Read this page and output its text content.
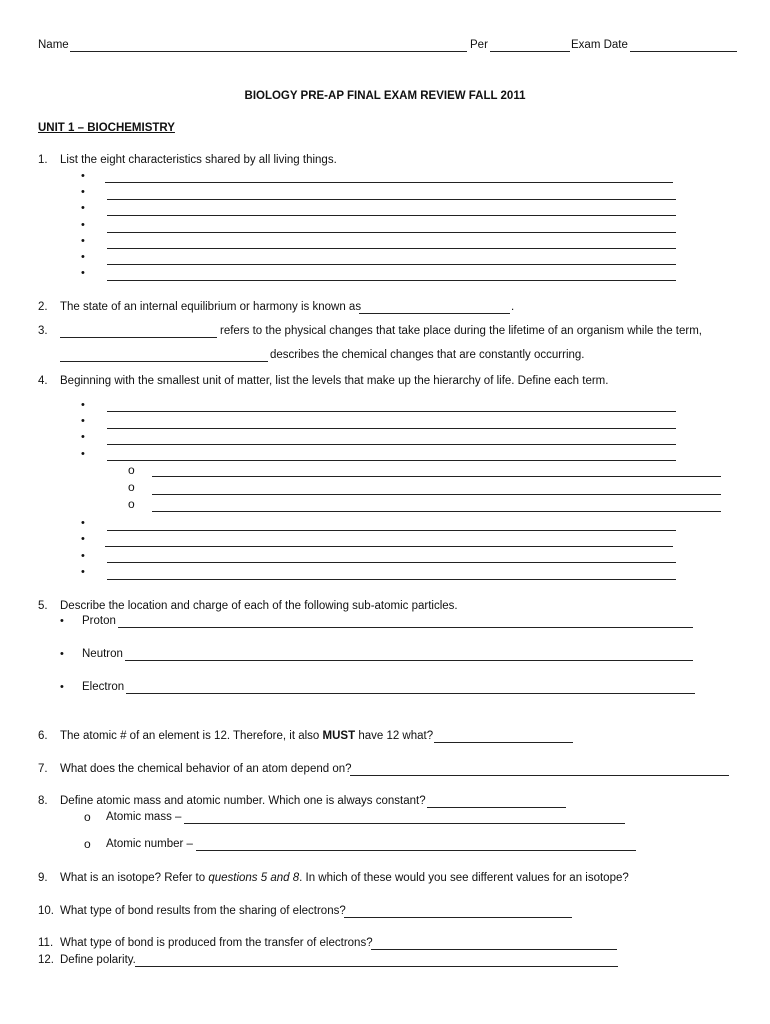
Name	Per	Exam Date
BIOLOGY PRE-AP FINAL EXAM REVIEW FALL 2011
UNIT 1 – BIOCHEMISTRY
1. List the eight characteristics shared by all living things.
•
•
•
•
•
•
•
2. The state of an internal equilibrium or harmony is known as	.
3.	refers to the physical changes that take place during the lifetime of an organism while the term,
describes the chemical changes that are constantly occurring.
4. Beginning with the smallest unit of matter, list the levels that make up the hierarchy of life. Define each term.
•
•
•
•
o
o
o
•
•
•
•
5. Describe the location and charge of each of the following sub-atomic particles.
• Proton
• Neutron
• Electron
6. The atomic # of an element is 12. Therefore, it also MUST have 12 what?
7. What does the chemical behavior of an atom depend on?
8. Define atomic mass and atomic number. Which one is always constant?
o Atomic mass –
o Atomic number –
9. What is an isotope? Refer to questions 5 and 8. In which of these would you see different values for an isotope?
10. What type of bond results from the sharing of electrons?
11. What type of bond is produced from the transfer of electrons?
12. Define polarity.
